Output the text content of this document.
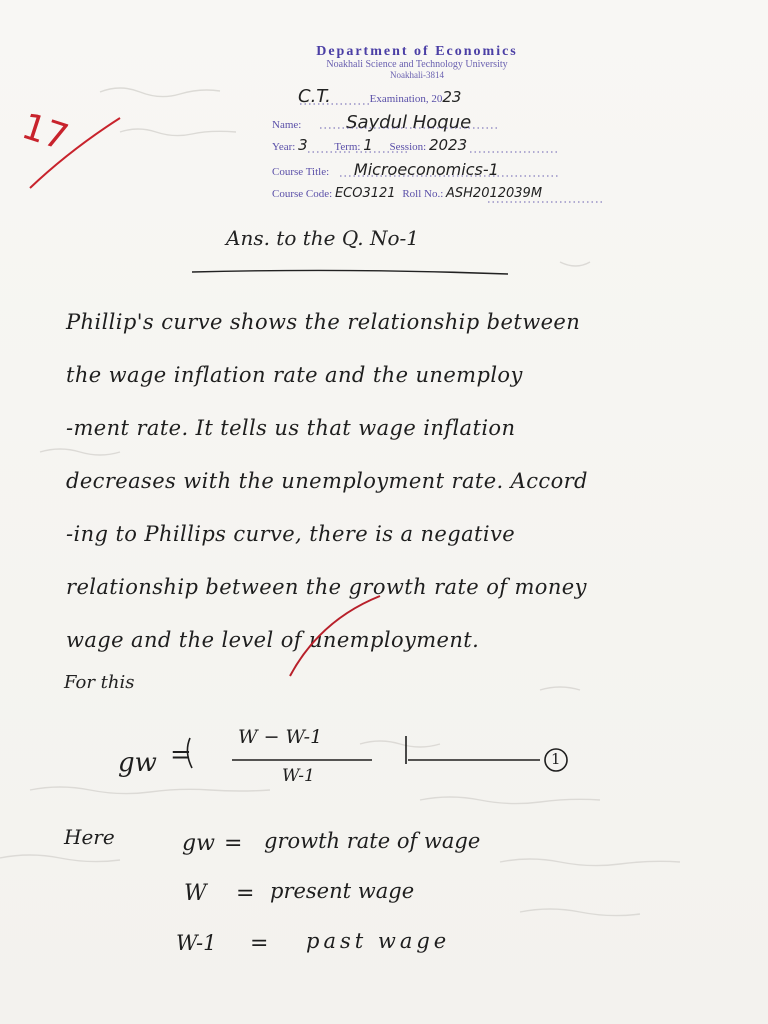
Department of Economics
Noakhali Science and Technology University
Noakhali-3814
C.T.	Examination, 2023
Name: Saydul Hoque
Year: 3 Term: 1 Session: 2023
Course Title: Microeconomics-1
Course Code: ECO3121 Roll No.: ASH2012039M
17
Ans. to the Q. No-1
Phillip's curve shows the relationship between
the wage inflation rate and the unemploy
-ment rate. It tells us that wage inflation
decreases with the unemployment rate. Accord
-ing to Phillips curve, there is a negative
relationship between the growth rate of money
wage and the level of unemployment.
For this
gw =
W − W-1
W-1
1
Here	gw = growth rate of wage
W = present wage
W-1 = past wage
